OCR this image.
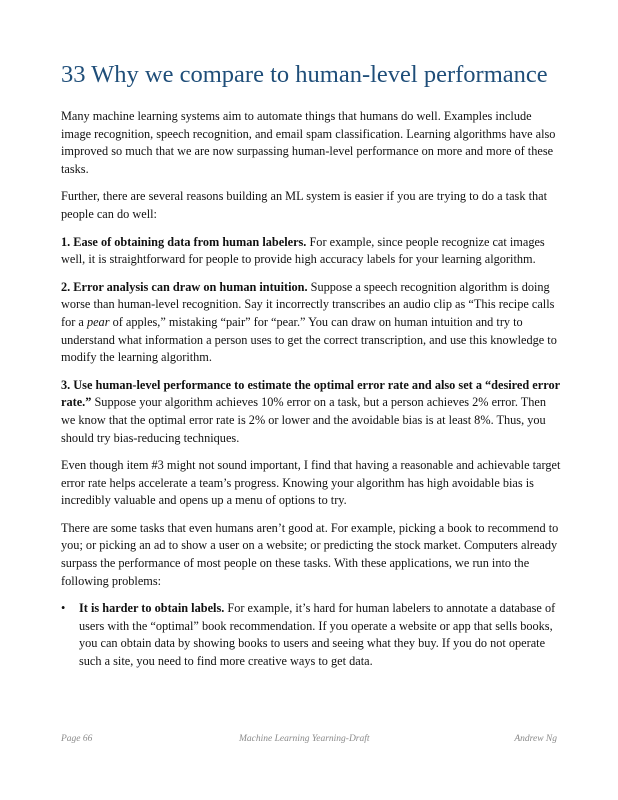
33 Why we compare to human-level performance

Many machine learning systems aim to automate things that humans do well. Examples include image recognition, speech recognition, and email spam classification. Learning algorithms have also improved so much that we are now surpassing human-level performance on more and more of these tasks.

Further, there are several reasons building an ML system is easier if you are trying to do a task that people can do well:

1. Ease of obtaining data from human labelers. For example, since people recognize cat images well, it is straightforward for people to provide high accuracy labels for your learning algorithm.

2. Error analysis can draw on human intuition. Suppose a speech recognition algorithm is doing worse than human-level recognition. Say it incorrectly transcribes an audio clip as “This recipe calls for a pear of apples,” mistaking “pair” for “pear.” You can draw on human intuition and try to understand what information a person uses to get the correct transcription, and use this knowledge to modify the learning algorithm.

3. Use human-level performance to estimate the optimal error rate and also set a “desired error rate.” Suppose your algorithm achieves 10% error on a task, but a person achieves 2% error. Then we know that the optimal error rate is 2% or lower and the avoidable bias is at least 8%. Thus, you should try bias-reducing techniques.

Even though item #3 might not sound important, I find that having a reasonable and achievable target error rate helps accelerate a team’s progress. Knowing your algorithm has high avoidable bias is incredibly valuable and opens up a menu of options to try.

There are some tasks that even humans aren’t good at. For example, picking a book to recommend to you; or picking an ad to show a user on a website; or predicting the stock market. Computers already surpass the performance of most people on these tasks. With these applications, we run into the following problems:

• It is harder to obtain labels. For example, it’s hard for human labelers to annotate a database of users with the “optimal” book recommendation. If you operate a website or app that sells books, you can obtain data by showing books to users and seeing what they buy. If you do not operate such a site, you need to find more creative ways to get data.
Page 66	Machine Learning Yearning-Draft	Andrew Ng
